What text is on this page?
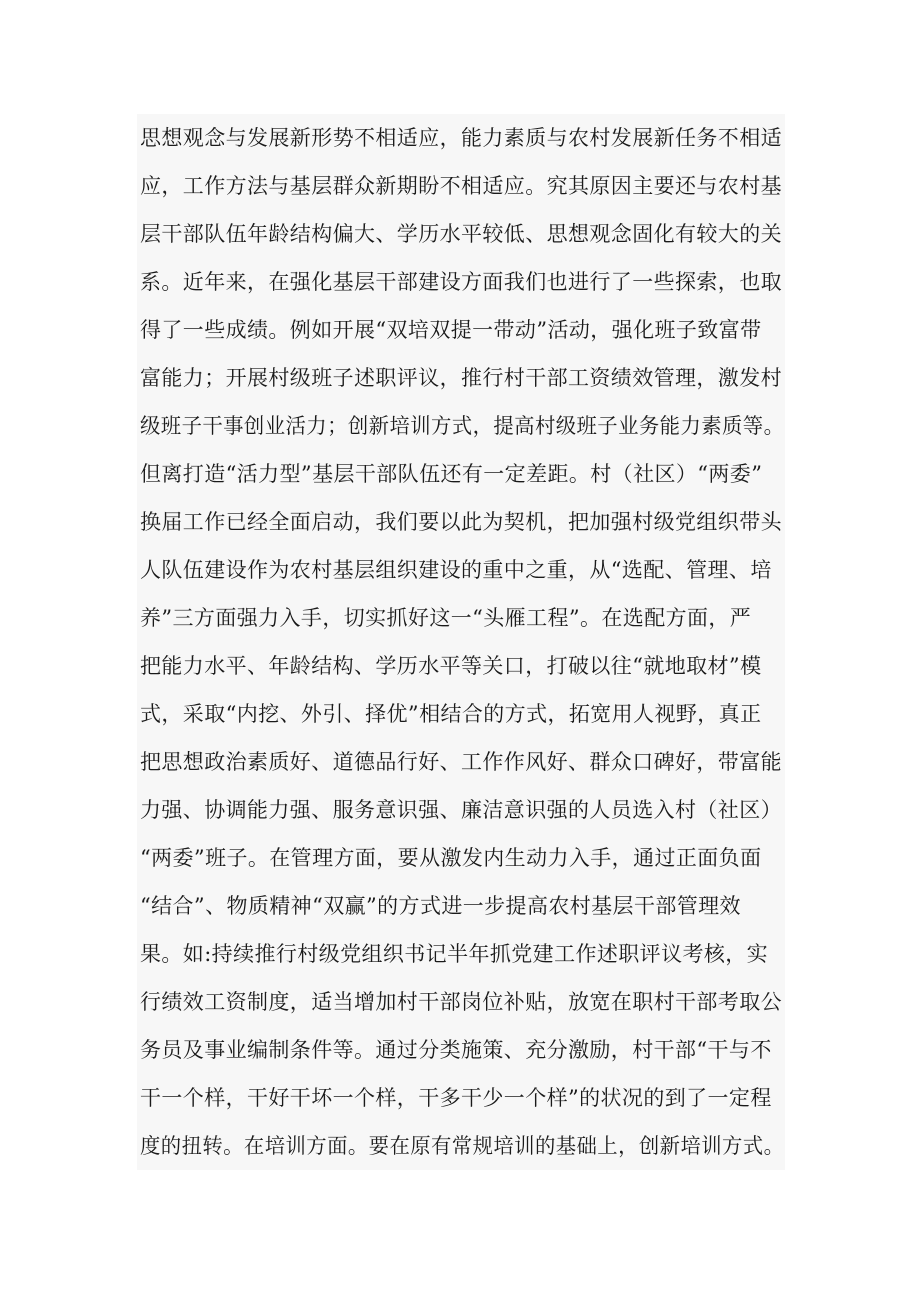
思想观念与发展新形势不相适应，能力素质与农村发展新任务不相适
应，工作方法与基层群众新期盼不相适应。究其原因主要还与农村基
层干部队伍年龄结构偏大、学历水平较低、思想观念固化有较大的关
系。近年来，在强化基层干部建设方面我们也进行了一些探索，也取
得了一些成绩。例如开展“双培双提一带动”活动，强化班子致富带
富能力；开展村级班子述职评议，推行村干部工资绩效管理，激发村
级班子干事创业活力；创新培训方式，提高村级班子业务能力素质等。
但离打造“活力型”基层干部队伍还有一定差距。村（社区）“两委”
换届工作已经全面启动，我们要以此为契机，把加强村级党组织带头
人队伍建设作为农村基层组织建设的重中之重，从“选配、管理、培
养”三方面强力入手，切实抓好这一“头雁工程”。在选配方面，严
把能力水平、年龄结构、学历水平等关口，打破以往“就地取材”模
式，采取“内挖、外引、择优”相结合的方式，拓宽用人视野，真正
把思想政治素质好、道德品行好、工作作风好、群众口碑好，带富能
力强、协调能力强、服务意识强、廉洁意识强的人员选入村（社区）
“两委”班子。在管理方面，要从激发内生动力入手，通过正面负面
“结合”、物质精神“双赢”的方式进一步提高农村基层干部管理效
果。如:持续推行村级党组织书记半年抓党建工作述职评议考核，实
行绩效工资制度，适当增加村干部岗位补贴，放宽在职村干部考取公
务员及事业编制条件等。通过分类施策、充分激励，村干部“干与不
干一个样，干好干坏一个样，干多干少一个样”的状况的到了一定程
度的扭转。在培训方面。要在原有常规培训的基础上，创新培训方式。
